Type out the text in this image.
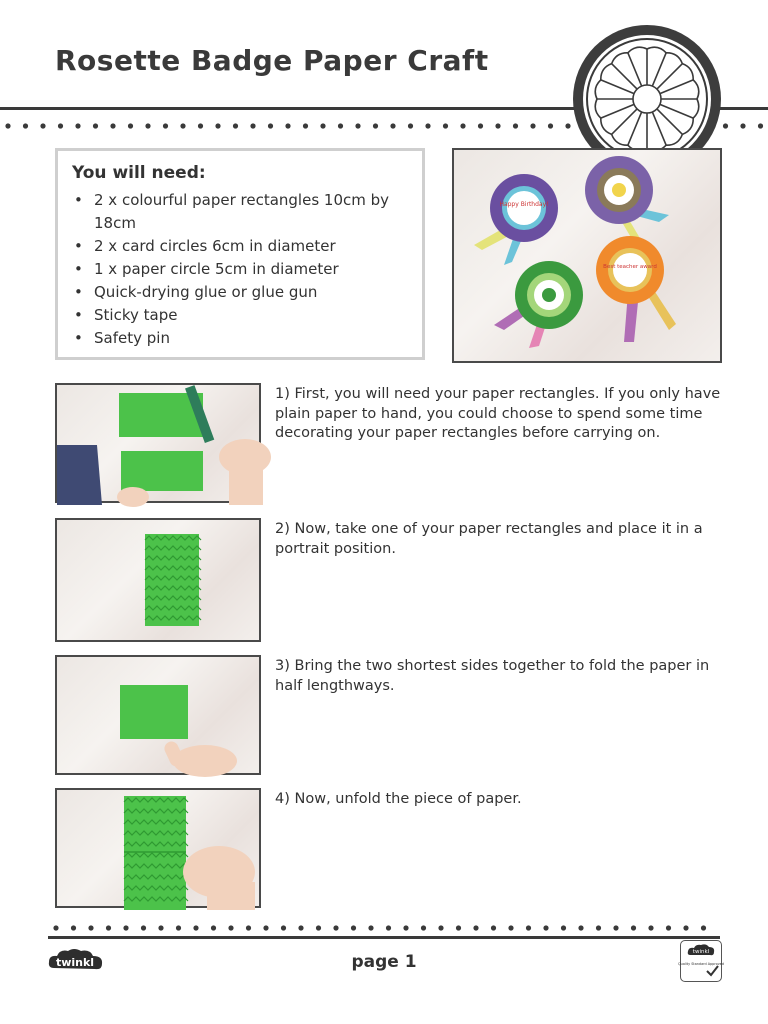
Rosette Badge Paper Craft
You will need:
• 2 x colourful paper rectangles 10cm by 18cm
• 2 x card circles 6cm in diameter
• 1 x paper circle 5cm in diameter
• Quick-drying glue or glue gun
• Sticky tape
• Safety pin
Happy Birthday!
Best teacher award

1) First, you will need your paper rectangles. If you only have plain paper to hand, you could choose to spend some time decorating your paper rectangles before carrying on.

2) Now, take one of your paper rectangles and place it in a portrait position.

3) Bring the two shortest sides together to fold the paper in half lengthways.

4) Now, unfold the piece of paper.

twinkl	page 1	twinkl
Quality Standard Approved
